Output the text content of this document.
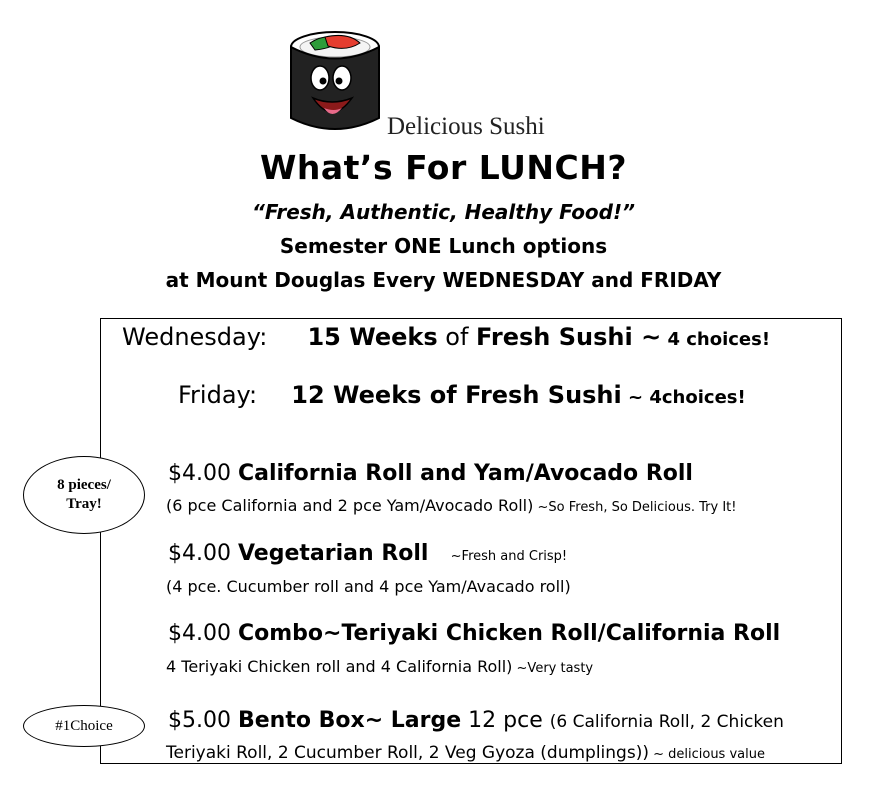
Delicious Sushi
What’s For LUNCH?
“Fresh, Authentic, Healthy Food!”
Semester ONE Lunch options
at Mount Douglas Every WEDNESDAY and FRIDAY
Wednesday: 15 Weeks of Fresh Sushi ~ 4 choices!
Friday: 12 Weeks of Fresh Sushi ~ 4choices!
$4.00 California Roll and Yam/Avocado Roll
(6 pce California and 2 pce Yam/Avocado Roll) ~So Fresh, So Delicious. Try It!
$4.00 Vegetarian Roll ~Fresh and Crisp!
(4 pce. Cucumber roll and 4 pce Yam/Avacado roll)
$4.00 Combo~Teriyaki Chicken Roll/California Roll
4 Teriyaki Chicken roll and 4 California Roll) ~Very tasty
$5.00 Bento Box~ Large 12 pce (6 California Roll, 2 Chicken
Teriyaki Roll, 2 Cucumber Roll, 2 Veg Gyoza (dumplings)) ~ delicious value
8 pieces/
Tray!
#1Choice
